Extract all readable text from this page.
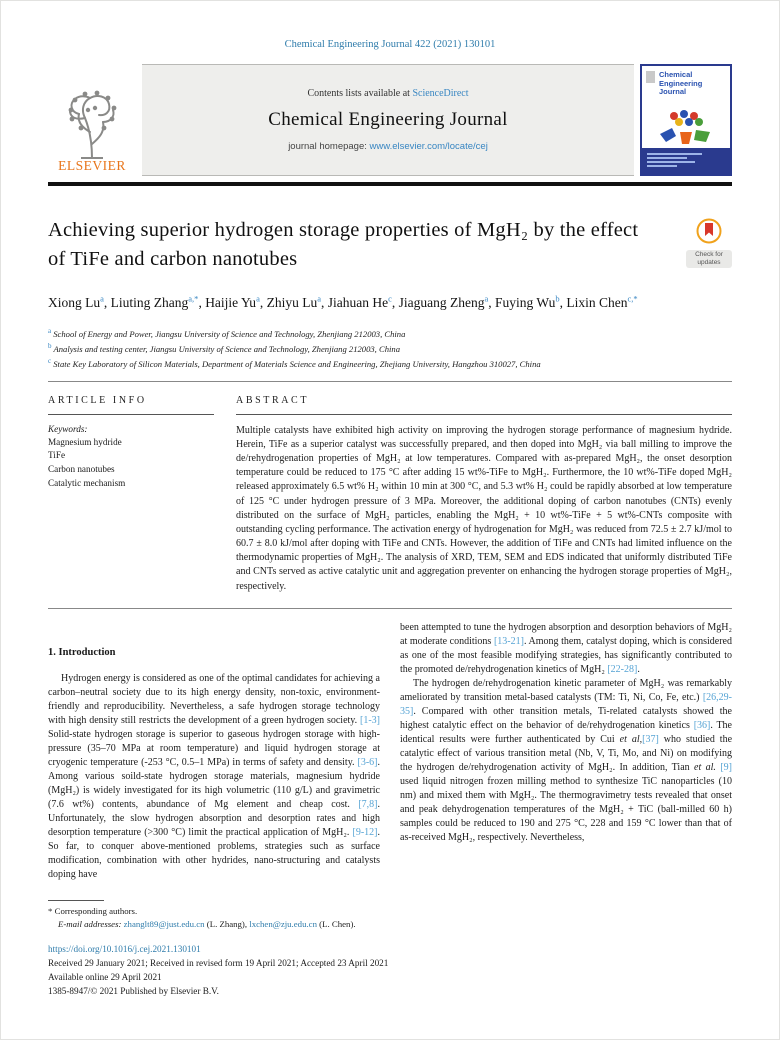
Chemical Engineering Journal 422 (2021) 130101
ELSEVIER
Contents lists available at ScienceDirect
Chemical Engineering Journal
journal homepage: www.elsevier.com/locate/cej
Chemical Engineering Journal
Achieving superior hydrogen storage properties of MgH₂ by the effect of TiFe and carbon nanotubes	Check for updates
Xiong Lu$^a$, Liuting Zhang$^{a,*}$, Haijie Yu$^a$, Zhiyu Lu$^a$, Jiahuan He$^c$, Jiaguang Zheng$^a$, Fuying Wu$^b$, Lixin Chen$^{c,*}$
$^a$ School of Energy and Power, Jiangsu University of Science and Technology, Zhenjiang 212003, China
$^b$ Analysis and testing center, Jiangsu University of Science and Technology, Zhenjiang 212003, China
$^c$ State Key Laboratory of Silicon Materials, Department of Materials Science and Engineering, Zhejiang University, Hangzhou 310027, China
ARTICLE INFO
Keywords:
Magnesium hydride
TiFe
Carbon nanotubes
Catalytic mechanism
ABSTRACT

Multiple catalysts have exhibited high activity on improving the hydrogen storage performance of magnesium hydride. Herein, TiFe as a superior catalyst was successfully prepared, and then doped into MgH₂ via ball milling to improve the de/rehydrogenation properties of MgH₂ at low temperatures. Compared with as-prepared MgH₂, the onset desorption temperature could be reduced to 175 °C after adding 15 wt%-TiFe to MgH₂. Furthermore, the 10 wt%-TiFe doped MgH₂ released approximately 6.5 wt% H₂ within 10 min at 300 °C, and 5.3 wt% H₂ could be rapidly absorbed at low temperature of 125 °C under hydrogen pressure of 3 MPa. Moreover, the additional doping of carbon nanotubes (CNTs) evenly distributed on the surface of MgH₂ particles, enabling the MgH₂ + 10 wt%-TiFe + 5 wt%-CNTs composite with outstanding cycling performance. The activation energy of hydrogenation for MgH₂ was reduced from 72.5 ± 2.7 kJ/mol to 60.7 ± 8.0 kJ/mol after doping with TiFe and CNTs. However, the addition of TiFe and CNTs had limited influence on the thermodynamic properties of MgH₂. The analysis of XRD, TEM, SEM and EDS indicated that uniformly distributed TiFe and CNTs served as active catalytic unit and aggregation preventer on enhancing the hydrogen storage properties of MgH₂, respectively.

1. Introduction

Hydrogen energy is considered as one of the optimal candidates for achieving a carbon–neutral society due to its high energy density, non-toxic, environment-friendly and reproducibility. Nevertheless, a safe hydrogen storage technology with high density still restricts the development of a green hydrogen society. [1-3] Solid-state hydrogen storage is superior to gaseous hydrogen storage with high-pressure (35–70 MPa at room temperature) and liquid hydrogen storage at cryogenic temperature (-253 °C, 0.5–1 MPa) in terms of safety and density. [3-6]. Among various soild-state hydrogen storage materials, magnesium hydride (MgH₂) is widely investigated for its high volumetric (110 g/L) and gravimetric (7.6 wt%) contents, abundance of Mg element and cheap cost. [7,8]. Unfortunately, the slow hydrogen absorption and desorption rates and high desorption temperature (>300 °C) limit the practical application of MgH₂. [9-12]. So far, to conquer above-mentioned problems, strategies such as surface modification, combination with other hydrides, nano-structuring and catalysts doping have

been attempted to tune the hydrogen absorption and desorption behaviors of MgH₂ at moderate conditions [13-21]. Among them, catalyst doping, which is considered as one of the most feasible modifying strategies, has significantly contributed to the promoted de/rehydrogenation kinetics of MgH₂ [22-28].

The hydrogen de/rehydrogenation kinetic parameter of MgH₂ was remarkably ameliorated by transition metal-based catalysts (TM: Ti, Ni, Co, Fe, etc.) [26,29-35]. Compared with other transition metals, Ti-related catalysts showed the highest catalytic effect on the behavior of de/rehydrogenation kinetics [36]. The identical results were further authenticated by Cui et al,[37] who studied the catalytic effect of various transition metal (Nb, V, Ti, Mo, and Ni) on modifying the hydrogen de/rehydrogenation activity of MgH₂. In addition, Tian et al. [9] used liquid nitrogen frozen milling method to synthesize TiC nanoparticles (10 nm) and mixed them with MgH₂. The thermogravimetry tests revealed that onset and peak dehydrogenation temperatures of the MgH₂ + TiC (ball-milled 60 h) samples could be reduced to 190 and 275 °C, 228 and 159 °C lower than that of as-received MgH₂, respectively. Nevertheless,

* Corresponding authors.
E-mail addresses: zhanglt89@just.edu.cn (L. Zhang), lxchen@zju.edu.cn (L. Chen).
https://doi.org/10.1016/j.cej.2021.130101
Received 29 January 2021; Received in revised form 19 April 2021; Accepted 23 April 2021
Available online 29 April 2021
1385-8947/© 2021 Published by Elsevier B.V.
